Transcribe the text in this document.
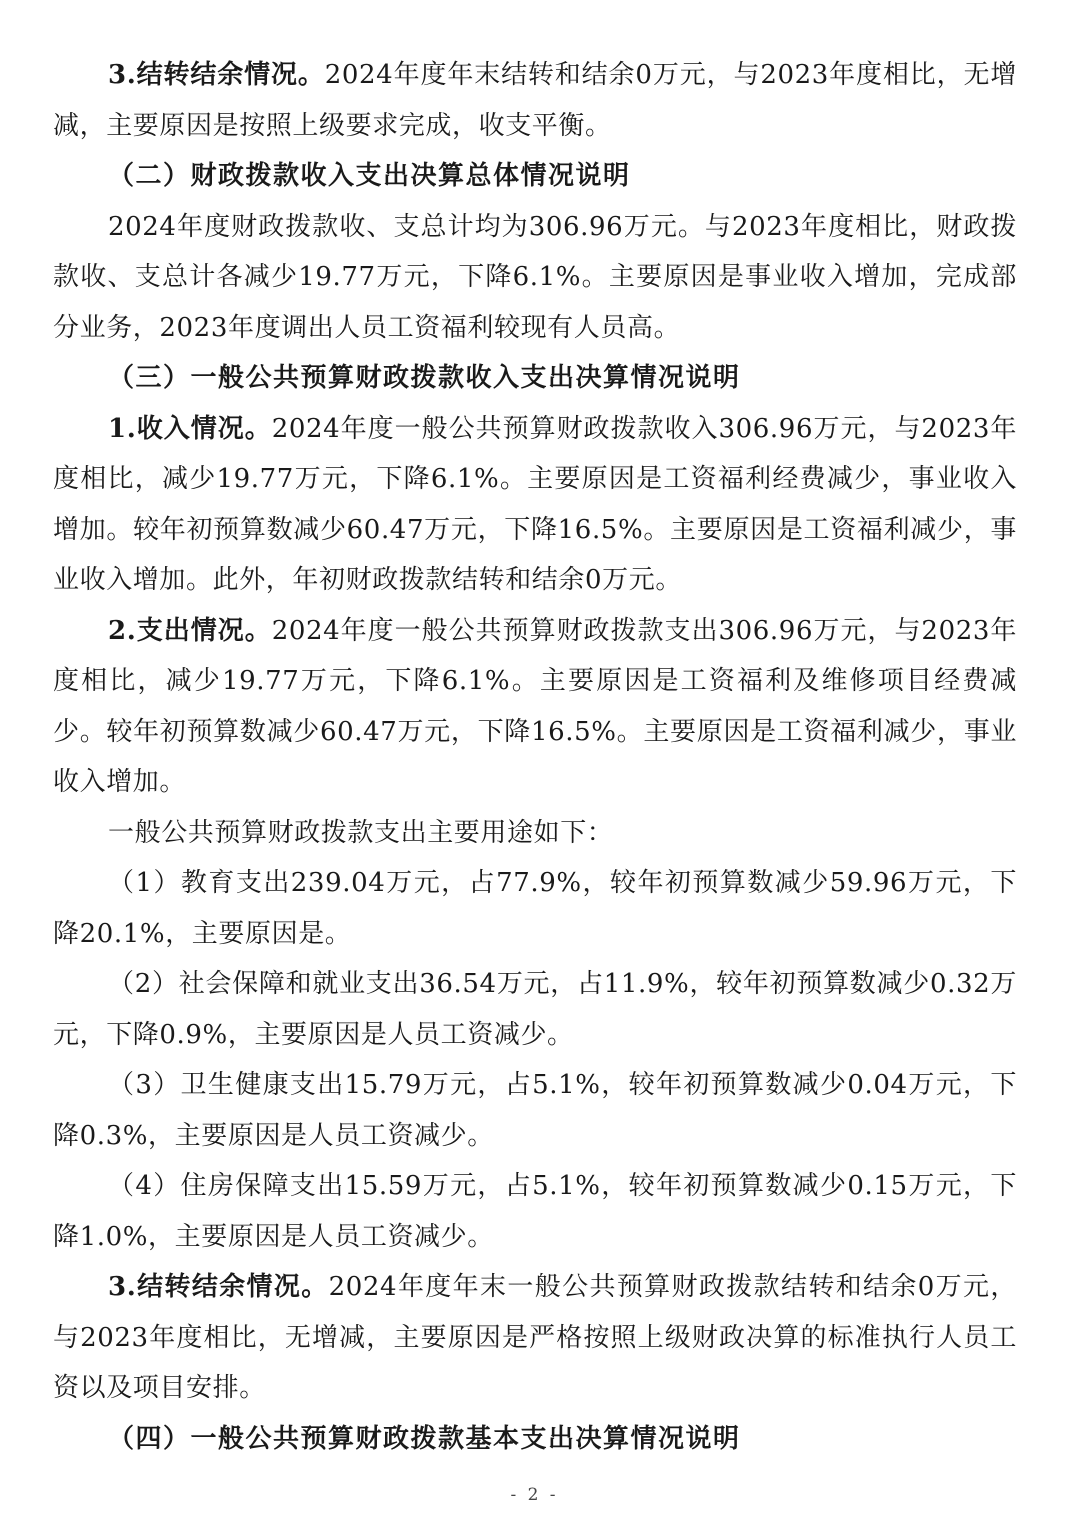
3.结转结余情况。2024年度年末结转和结余0万元，与2023年度相比，无增减，主要原因是按照上级要求完成，收支平衡。

（二）财政拨款收入支出决算总体情况说明

2024年度财政拨款收、支总计均为306.96万元。与2023年度相比，财政拨款收、支总计各减少19.77万元，下降6.1%。主要原因是事业收入增加，完成部分业务，2023年度调出人员工资福利较现有人员高。

（三）一般公共预算财政拨款收入支出决算情况说明

1.收入情况。2024年度一般公共预算财政拨款收入306.96万元，与2023年度相比，减少19.77万元，下降6.1%。主要原因是工资福利经费减少，事业收入增加。较年初预算数减少60.47万元，下降16.5%。主要原因是工资福利减少，事业收入增加。此外，年初财政拨款结转和结余0万元。

2.支出情况。2024年度一般公共预算财政拨款支出306.96万元，与2023年度相比，减少19.77万元，下降6.1%。主要原因是工资福利及维修项目经费减少。较年初预算数减少60.47万元，下降16.5%。主要原因是工资福利减少，事业收入增加。

一般公共预算财政拨款支出主要用途如下：

（1）教育支出239.04万元，占77.9%，较年初预算数减少59.96万元，下降20.1%，主要原因是。

（2）社会保障和就业支出36.54万元，占11.9%，较年初预算数减少0.32万元，下降0.9%，主要原因是人员工资减少。

（3）卫生健康支出15.79万元，占5.1%，较年初预算数减少0.04万元，下降0.3%，主要原因是人员工资减少。

（4）住房保障支出15.59万元，占5.1%，较年初预算数减少0.15万元，下降1.0%，主要原因是人员工资减少。

3.结转结余情况。2024年度年末一般公共预算财政拨款结转和结余0万元，与2023年度相比，无增减，主要原因是严格按照上级财政决算的标准执行人员工资以及项目安排。

（四）一般公共预算财政拨款基本支出决算情况说明

- 2 -
